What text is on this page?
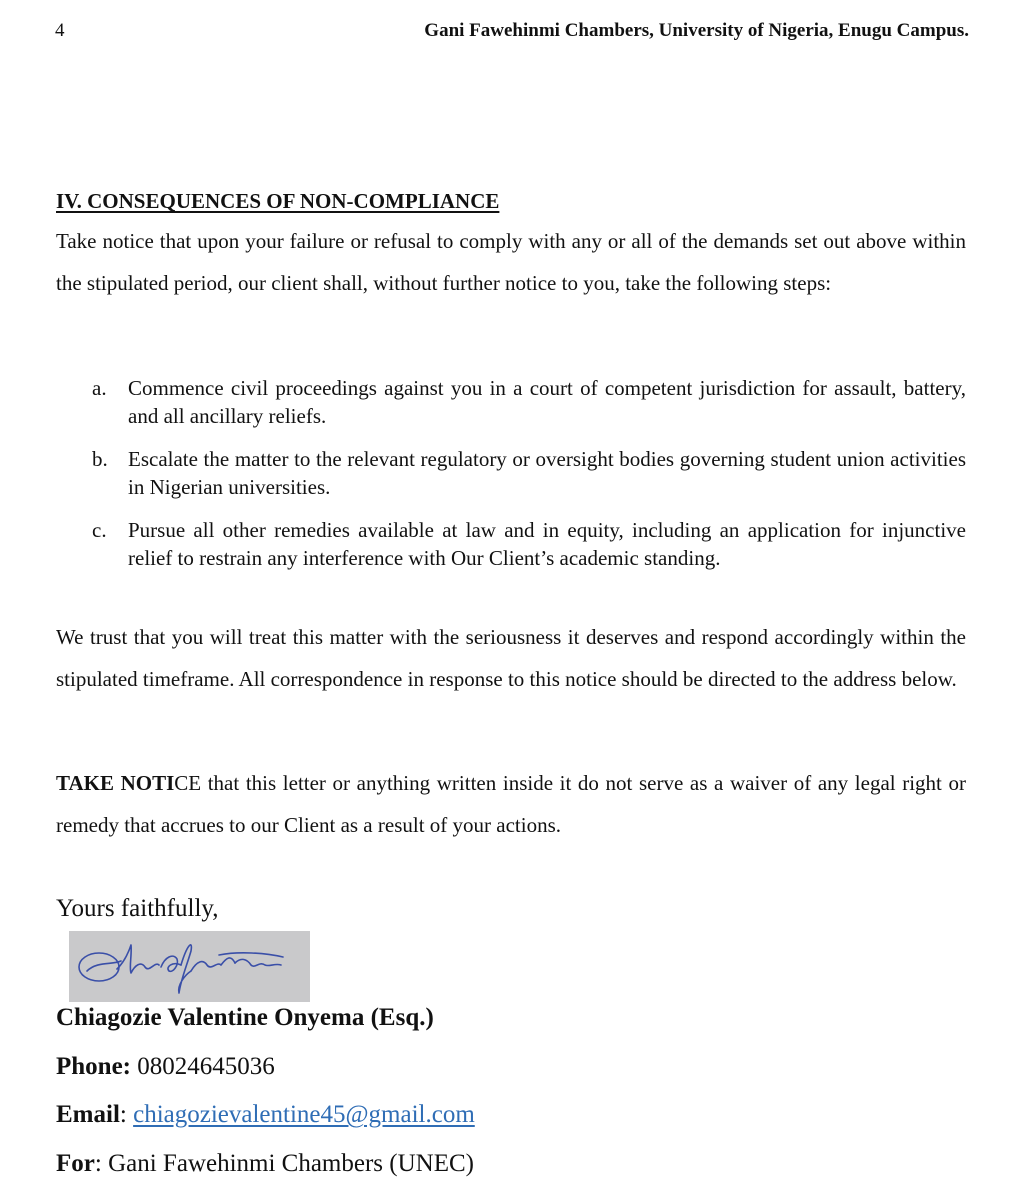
4	Gani Fawehinmi Chambers, University of Nigeria, Enugu Campus.
IV. CONSEQUENCES OF NON-COMPLIANCE

Take notice that upon your failure or refusal to comply with any or all of the demands set out above within the stipulated period, our client shall, without further notice to you, take the following steps:

a. Commence civil proceedings against you in a court of competent jurisdiction for assault, battery, and all ancillary reliefs.
b. Escalate the matter to the relevant regulatory or oversight bodies governing student union activities in Nigerian universities.
c. Pursue all other remedies available at law and in equity, including an application for injunctive relief to restrain any interference with Our Client’s academic standing.

We trust that you will treat this matter with the seriousness it deserves and respond accordingly within the stipulated timeframe. All correspondence in response to this notice should be directed to the address below.

TAKE NOTICE that this letter or anything written inside it do not serve as a waiver of any legal right or remedy that accrues to our Client as a result of your actions.

Yours faithfully,
Chiagozie Valentine Onyema (Esq.)
Phone: 08024645036
Email: chiagozievalentine45@gmail.com
For: Gani Fawehinmi Chambers (UNEC)
